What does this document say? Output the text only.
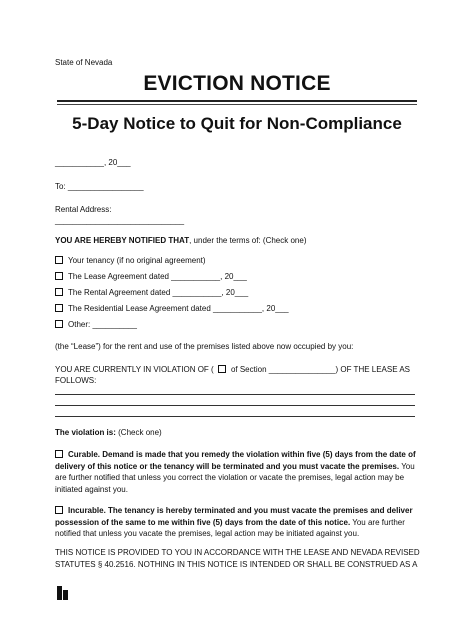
State of Nevada
EVICTION NOTICE
5-Day Notice to Quit for Non-Compliance
___________, 20___
To: _________________
Rental Address:
_____________________________
YOU ARE HEREBY NOTIFIED THAT, under the terms of: (Check one)
Your tenancy (if no original agreement)
The Lease Agreement dated ___________, 20___
The Rental Agreement dated ___________, 20___
The Residential Lease Agreement dated ___________, 20___
Other: __________
(the “Lease”) for the rent and use of the premises listed above now occupied by you:
YOU ARE CURRENTLY IN VIOLATION OF ( of Section _______________) OF THE LEASE AS
FOLLOWS:
The violation is: (Check one)
Curable. Demand is made that you remedy the violation within five (5) days from the date of delivery of this notice or the tenancy will be terminated and you must vacate the premises. You are further notified that unless you correct the violation or vacate the premises, legal action may be initiated against you.
Incurable. The tenancy is hereby terminated and you must vacate the premises and deliver possession of the same to me within five (5) days from the date of this notice. You are further notified that unless you vacate the premises, legal action may be initiated against you.
THIS NOTICE IS PROVIDED TO YOU IN ACCORDANCE WITH THE LEASE AND NEVADA REVISED STATUTES § 40.2516. NOTHING IN THIS NOTICE IS INTENDED OR SHALL BE CONSTRUED AS A
